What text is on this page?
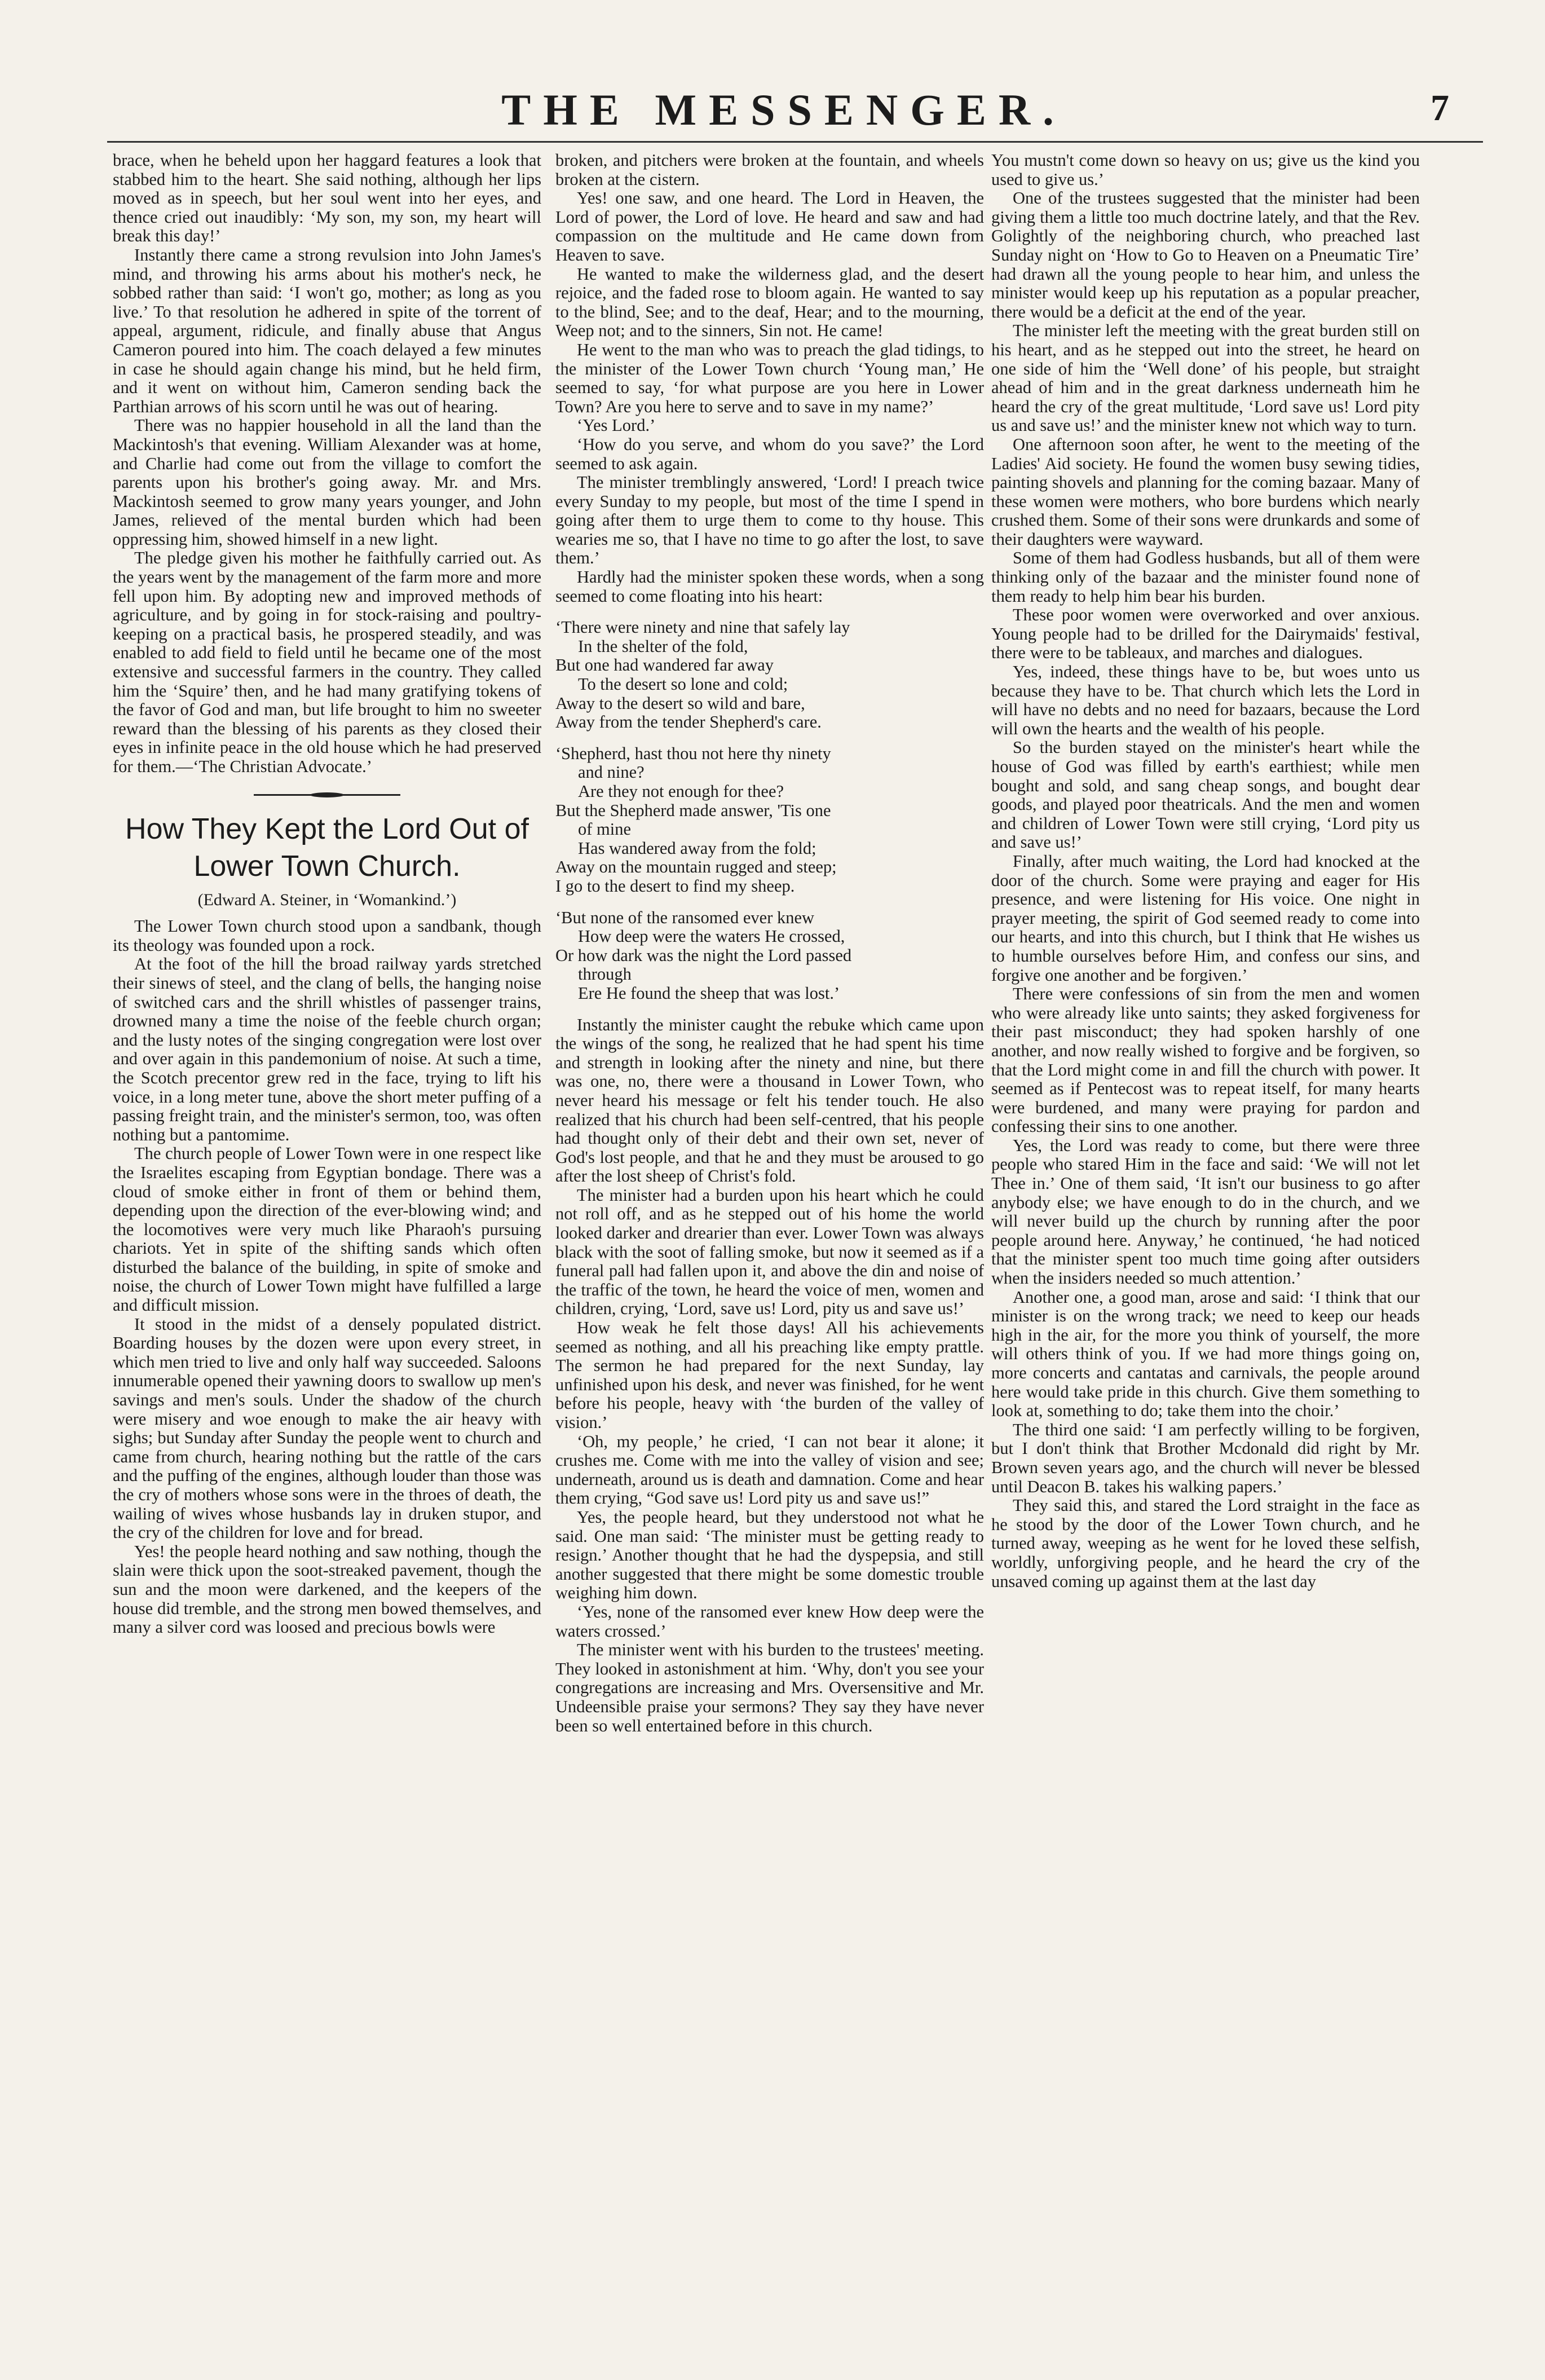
THE MESSENGER.	7

brace, when he beheld upon her haggard features a look that stabbed him to the heart. She said nothing, although her lips moved as in speech, but her soul went into her eyes, and thence cried out inaudibly: ‘My son, my son, my heart will break this day!’

Instantly there came a strong revulsion into John James's mind, and throwing his arms about his mother's neck, he sobbed rather than said: ‘I won't go, mother; as long as you live.’ To that resolution he adhered in spite of the torrent of appeal, argument, ridicule, and finally abuse that Angus Cameron poured into him. The coach delayed a few minutes in case he should again change his mind, but he held firm, and it went on without him, Cameron sending back the Parthian arrows of his scorn until he was out of hearing.

There was no happier household in all the land than the Mackintosh's that evening. William Alexander was at home, and Charlie had come out from the village to comfort the parents upon his brother's going away. Mr. and Mrs. Mackintosh seemed to grow many years younger, and John James, relieved of the mental burden which had been oppressing him, showed himself in a new light.

The pledge given his mother he faithfully carried out. As the years went by the management of the farm more and more fell upon him. By adopting new and improved methods of agriculture, and by going in for stock-raising and poultry-keeping on a practical basis, he prospered steadily, and was enabled to add field to field until he became one of the most extensive and successful farmers in the country. They called him the ‘Squire’ then, and he had many gratifying tokens of the favor of God and man, but life brought to him no sweeter reward than the blessing of his parents as they closed their eyes in infinite peace in the old house which he had preserved for them.—‘The Christian Advocate.’

How They Kept the Lord Out of Lower Town Church.
(Edward A. Steiner, in ‘Womankind.’)

The Lower Town church stood upon a sandbank, though its theology was founded upon a rock.

At the foot of the hill the broad railway yards stretched their sinews of steel, and the clang of bells, the hanging noise of switched cars and the shrill whistles of passenger trains, drowned many a time the noise of the feeble church organ; and the lusty notes of the singing congregation were lost over and over again in this pandemonium of noise. At such a time, the Scotch precentor grew red in the face, trying to lift his voice, in a long meter tune, above the short meter puffing of a passing freight train, and the minister's sermon, too, was often nothing but a pantomime.

The church people of Lower Town were in one respect like the Israelites escaping from Egyptian bondage. There was a cloud of smoke either in front of them or behind them, depending upon the direction of the ever-blowing wind; and the locomotives were very much like Pharaoh's pursuing chariots. Yet in spite of the shifting sands which often disturbed the balance of the building, in spite of smoke and noise, the church of Lower Town might have fulfilled a large and difficult mission.

It stood in the midst of a densely populated district. Boarding houses by the dozen were upon every street, in which men tried to live and only half way succeeded. Saloons innumerable opened their yawning doors to swallow up men's savings and men's souls. Under the shadow of the church were misery and woe enough to make the air heavy with sighs; but Sunday after Sunday the people went to church and came from church, hearing nothing but the rattle of the cars and the puffing of the engines, although louder than those was the cry of mothers whose sons were in the throes of death, the wailing of wives whose husbands lay in druken stupor, and the cry of the children for love and for bread.

Yes! the people heard nothing and saw nothing, though the slain were thick upon the soot-streaked pavement, though the sun and the moon were darkened, and the keepers of the house did tremble, and the strong men bowed themselves, and many a silver cord was loosed and precious bowls were

broken, and pitchers were broken at the fountain, and wheels broken at the cistern.

Yes! one saw, and one heard. The Lord in Heaven, the Lord of power, the Lord of love. He heard and saw and had compassion on the multitude and He came down from Heaven to save.

He wanted to make the wilderness glad, and the desert rejoice, and the faded rose to bloom again. He wanted to say to the blind, See; and to the deaf, Hear; and to the mourning, Weep not; and to the sinners, Sin not. He came!

He went to the man who was to preach the glad tidings, to the minister of the Lower Town church ‘Young man,’ He seemed to say, ‘for what purpose are you here in Lower Town? Are you here to serve and to save in my name?’

‘Yes Lord.’

‘How do you serve, and whom do you save?’ the Lord seemed to ask again.

The minister tremblingly answered, ‘Lord! I preach twice every Sunday to my people, but most of the time I spend in going after them to urge them to come to thy house. This wearies me so, that I have no time to go after the lost, to save them.’

Hardly had the minister spoken these words, when a song seemed to come floating into his heart:

‘There were ninety and nine that safely lay
In the shelter of the fold,
But one had wandered far away
To the desert so lone and cold;
Away to the desert so wild and bare,
Away from the tender Shepherd's care.
‘Shepherd, hast thou not here thy ninety
and nine?
Are they not enough for thee?
But the Shepherd made answer, 'Tis one
of mine
Has wandered away from the fold;
Away on the mountain rugged and steep;
I go to the desert to find my sheep.
‘But none of the ransomed ever knew
How deep were the waters He crossed,
Or how dark was the night the Lord passed
through
Ere He found the sheep that was lost.’

Instantly the minister caught the rebuke which came upon the wings of the song, he realized that he had spent his time and strength in looking after the ninety and nine, but there was one, no, there were a thousand in Lower Town, who never heard his message or felt his tender touch. He also realized that his church had been self-centred, that his people had thought only of their debt and their own set, never of God's lost people, and that he and they must be aroused to go after the lost sheep of Christ's fold.

The minister had a burden upon his heart which he could not roll off, and as he stepped out of his home the world looked darker and drearier than ever. Lower Town was always black with the soot of falling smoke, but now it seemed as if a funeral pall had fallen upon it, and above the din and noise of the traffic of the town, he heard the voice of men, women and children, crying, ‘Lord, save us! Lord, pity us and save us!’

How weak he felt those days! All his achievements seemed as nothing, and all his preaching like empty prattle. The sermon he had prepared for the next Sunday, lay unfinished upon his desk, and never was finished, for he went before his people, heavy with ‘the burden of the valley of vision.’

‘Oh, my people,’ he cried, ‘I can not bear it alone; it crushes me. Come with me into the valley of vision and see; underneath, around us is death and damnation. Come and hear them crying, “God save us! Lord pity us and save us!”

Yes, the people heard, but they understood not what he said. One man said: ‘The minister must be getting ready to resign.’ Another thought that he had the dyspepsia, and still another suggested that there might be some domestic trouble weighing him down.

‘Yes, none of the ransomed ever knew How deep were the waters crossed.’

The minister went with his burden to the trustees' meeting. They looked in astonishment at him. ‘Why, don't you see your congregations are increasing and Mrs. Oversensitive and Mr. Undeensible praise your sermons? They say they have never been so well entertained before in this church.

You mustn't come down so heavy on us; give us the kind you used to give us.’

One of the trustees suggested that the minister had been giving them a little too much doctrine lately, and that the Rev. Golightly of the neighboring church, who preached last Sunday night on ‘How to Go to Heaven on a Pneumatic Tire’ had drawn all the young people to hear him, and unless the minister would keep up his reputation as a popular preacher, there would be a deficit at the end of the year.

The minister left the meeting with the great burden still on his heart, and as he stepped out into the street, he heard on one side of him the ‘Well done’ of his people, but straight ahead of him and in the great darkness underneath him he heard the cry of the great multitude, ‘Lord save us! Lord pity us and save us!’ and the minister knew not which way to turn.

One afternoon soon after, he went to the meeting of the Ladies' Aid society. He found the women busy sewing tidies, painting shovels and planning for the coming bazaar. Many of these women were mothers, who bore burdens which nearly crushed them. Some of their sons were drunkards and some of their daughters were wayward.

Some of them had Godless husbands, but all of them were thinking only of the bazaar and the minister found none of them ready to help him bear his burden.

These poor women were overworked and over anxious. Young people had to be drilled for the Dairymaids' festival, there were to be tableaux, and marches and dialogues.

Yes, indeed, these things have to be, but woes unto us because they have to be. That church which lets the Lord in will have no debts and no need for bazaars, because the Lord will own the hearts and the wealth of his people.

So the burden stayed on the minister's heart while the house of God was filled by earth's earthiest; while men bought and sold, and sang cheap songs, and bought dear goods, and played poor theatricals. And the men and women and children of Lower Town were still crying, ‘Lord pity us and save us!’

Finally, after much waiting, the Lord had knocked at the door of the church. Some were praying and eager for His presence, and were listening for His voice. One night in prayer meeting, the spirit of God seemed ready to come into our hearts, and into this church, but I think that He wishes us to humble ourselves before Him, and confess our sins, and forgive one another and be forgiven.’

There were confessions of sin from the men and women who were already like unto saints; they asked forgiveness for their past misconduct; they had spoken harshly of one another, and now really wished to forgive and be forgiven, so that the Lord might come in and fill the church with power. It seemed as if Pentecost was to repeat itself, for many hearts were burdened, and many were praying for pardon and confessing their sins to one another.

Yes, the Lord was ready to come, but there were three people who stared Him in the face and said: ‘We will not let Thee in.’ One of them said, ‘It isn't our business to go after anybody else; we have enough to do in the church, and we will never build up the church by running after the poor people around here. Anyway,’ he continued, ‘he had noticed that the minister spent too much time going after outsiders when the insiders needed so much attention.’

Another one, a good man, arose and said: ‘I think that our minister is on the wrong track; we need to keep our heads high in the air, for the more you think of yourself, the more will others think of you. If we had more things going on, more concerts and cantatas and carnivals, the people around here would take pride in this church. Give them something to look at, something to do; take them into the choir.’

The third one said: ‘I am perfectly willing to be forgiven, but I don't think that Brother Mcdonald did right by Mr. Brown seven years ago, and the church will never be blessed until Deacon B. takes his walking papers.’

They said this, and stared the Lord straight in the face as he stood by the door of the Lower Town church, and he turned away, weeping as he went for he loved these selfish, worldly, unforgiving people, and he heard the cry of the unsaved coming up against them at the last day
